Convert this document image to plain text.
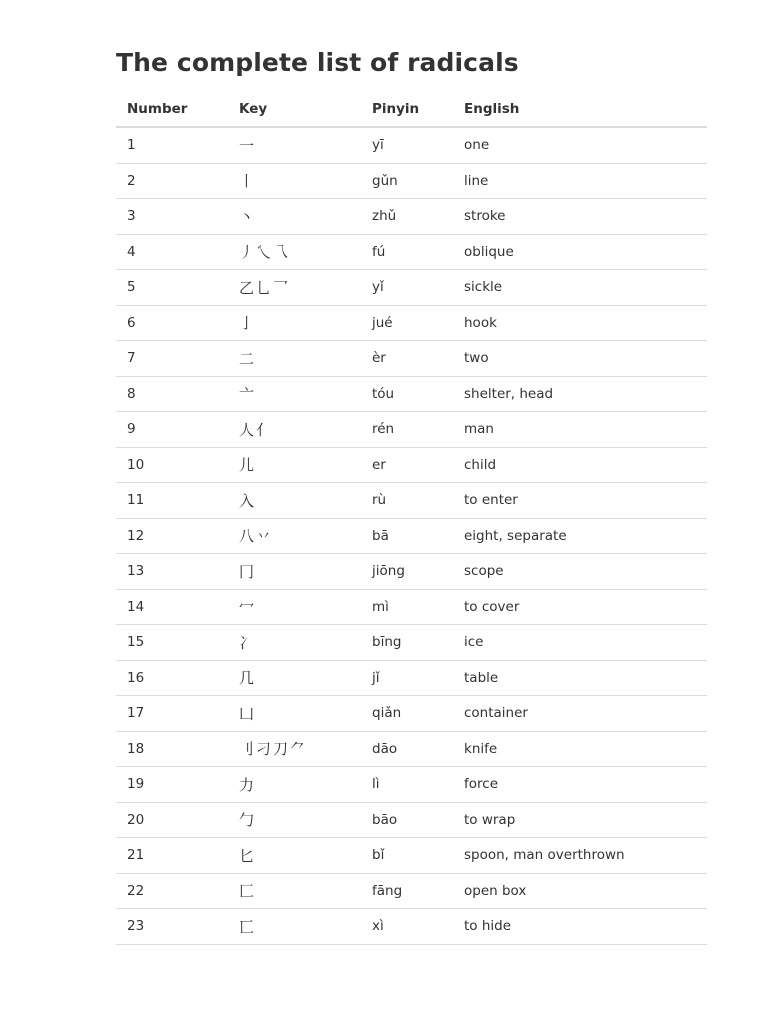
The complete list of radicals
Number	Key	Pinyin	English
1	一	yī	one
2	丨	gǔn	line
3	丶	zhǔ	stroke
4	丿乀乁	fú	oblique
5	乙乚乛	yǐ	sickle
6	亅	jué	hook
7	二	èr	two
8	亠	tóu	shelter, head
9	人亻	rén	man
10	儿	er	child
11	入	rù	to enter
12	八丷	bā	eight, separate
13	冂	jiōng	scope
14	冖	mì	to cover
15	冫	bīng	ice
16	几	jǐ	table
17	凵	qiǎn	container
18	刂刁刀⺈	dāo	knife
19	力	lì	force
20	勹	bāo	to wrap
21	匕	bǐ	spoon, man overthrown
22	匚	fāng	open box
23	匸	xì	to hide
